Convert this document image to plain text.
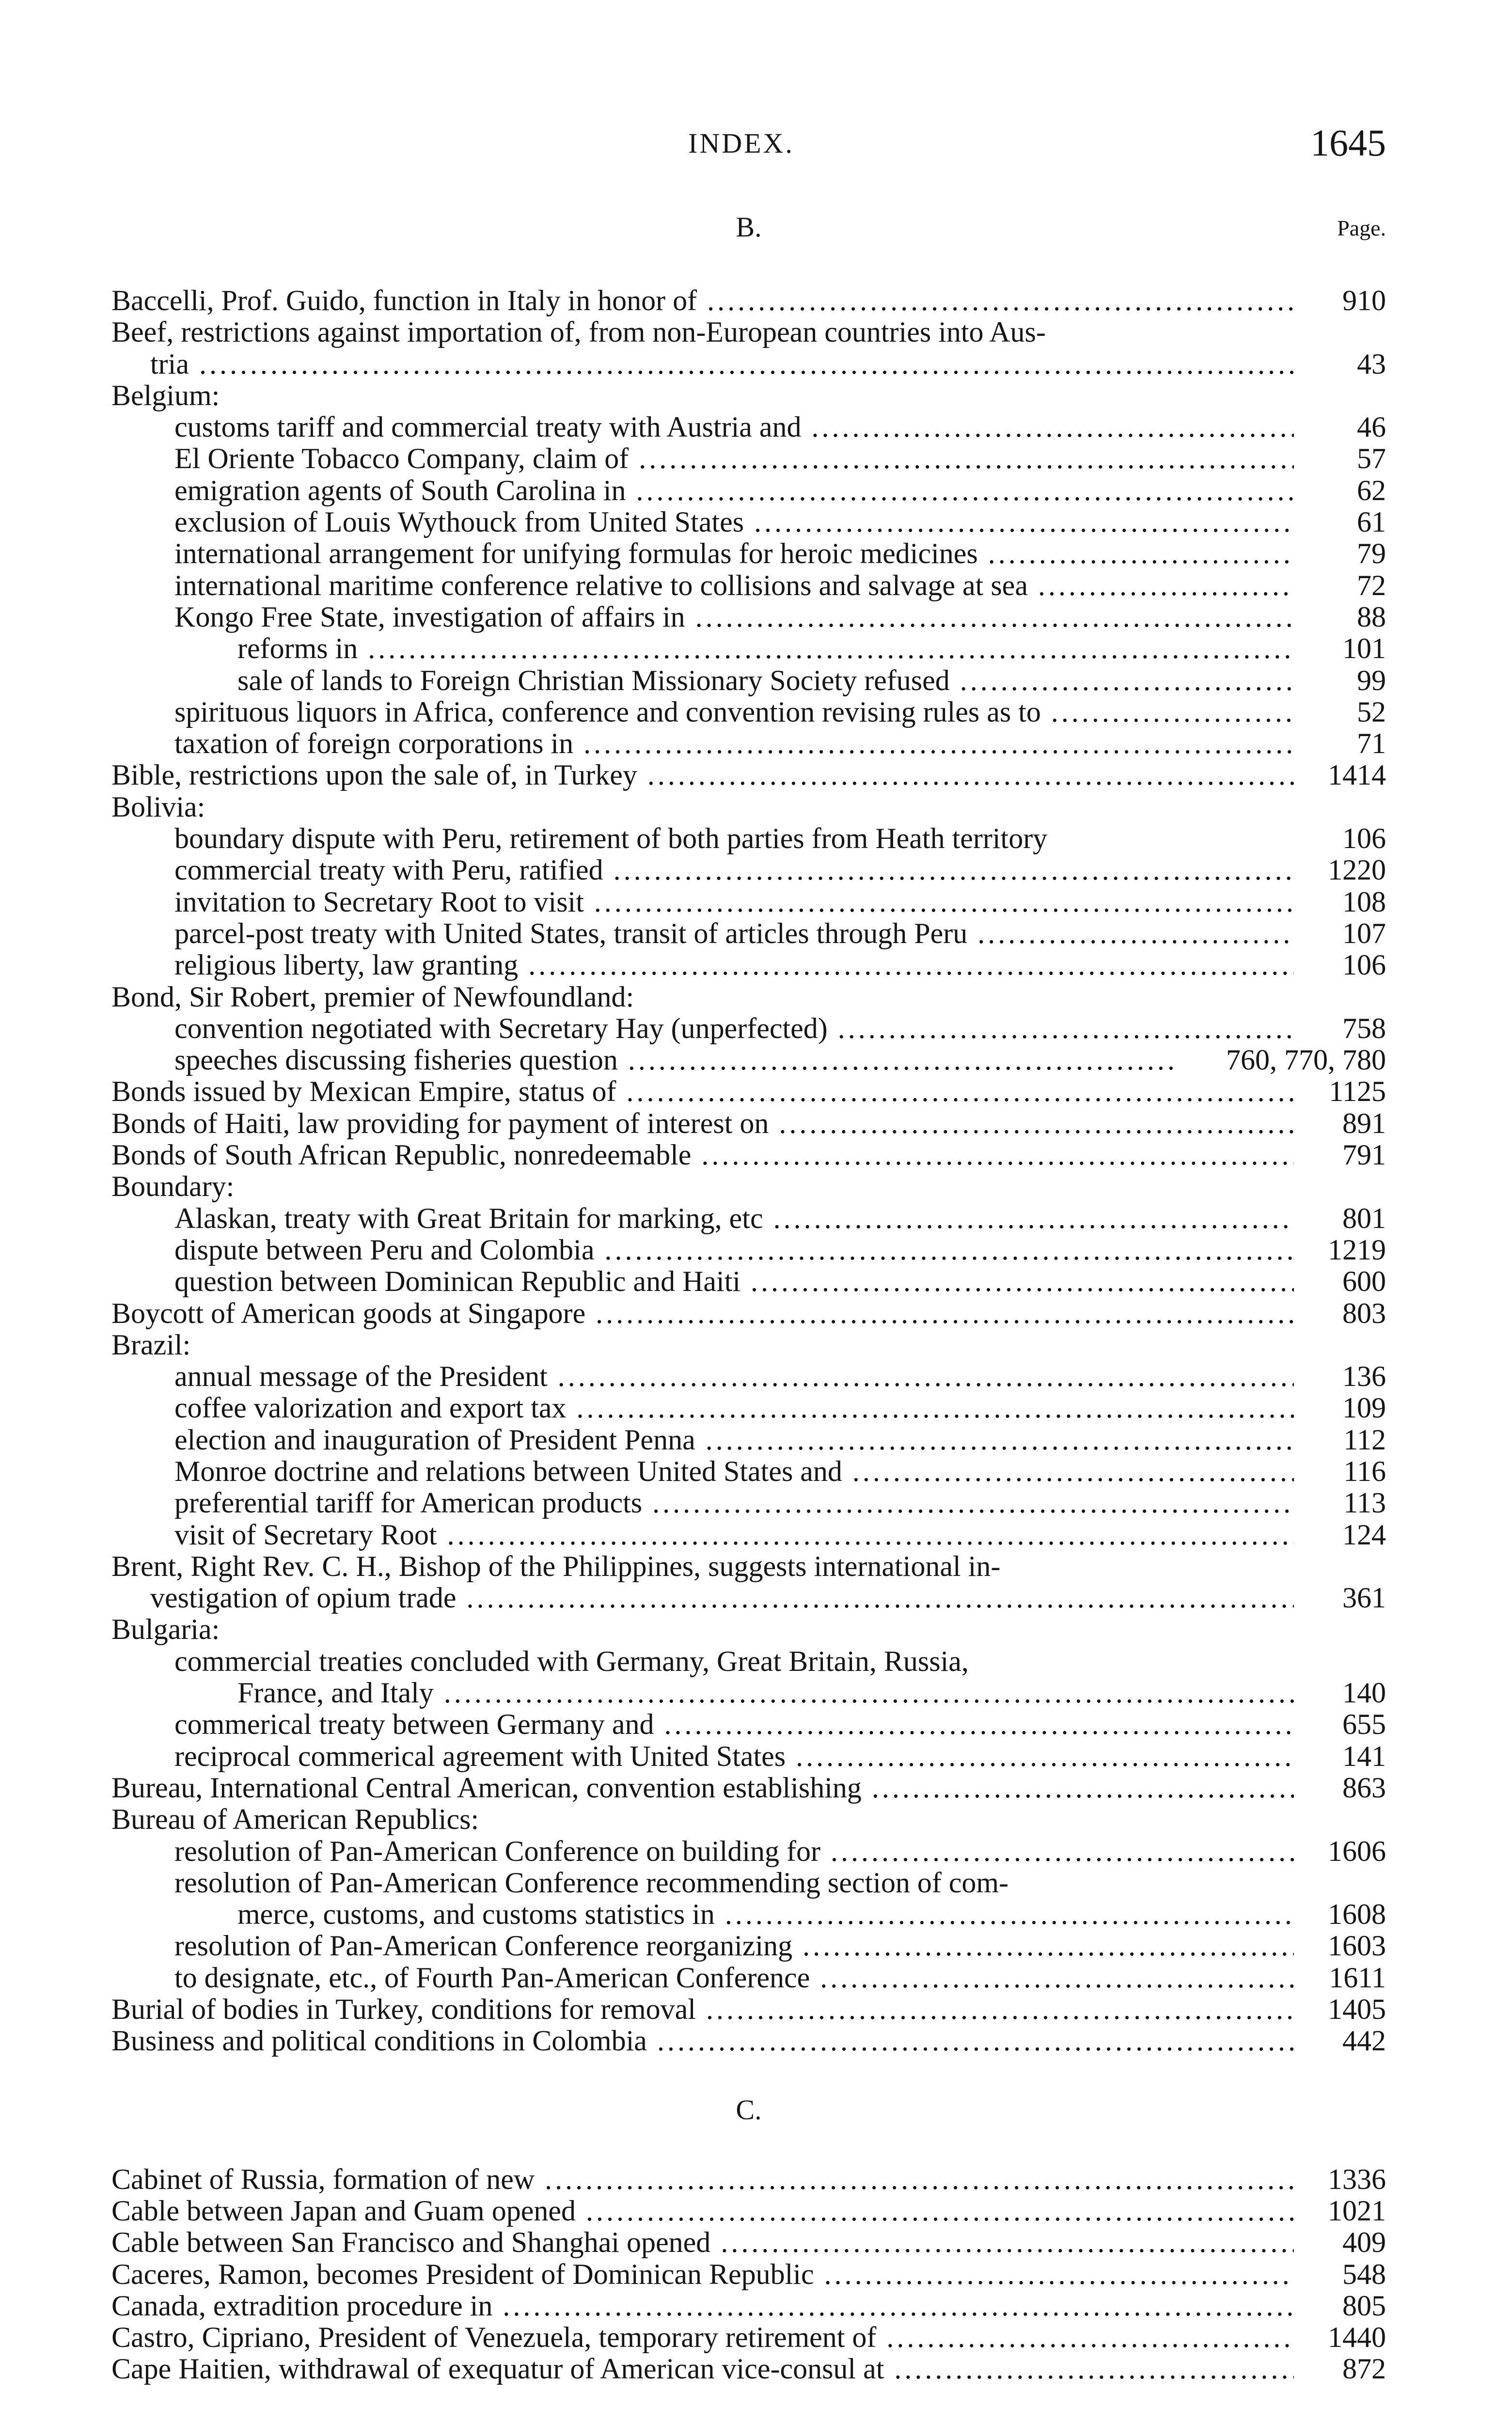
INDEX.	1645
B.	Page.
Baccelli, Prof. Guido, function in Italy in honor of .....	910
Beef, restrictions against importation of, from non-European countries into Aus-
tria .....	43
Belgium:
customs tariff and commercial treaty with Austria and .....	46
El Oriente Tobacco Company, claim of .....	57
emigration agents of South Carolina in .....	62
exclusion of Louis Wythouck from United States .....	61
international arrangement for unifying formulas for heroic medicines .....	79
international maritime conference relative to collisions and salvage at sea .....	72
Kongo Free State, investigation of affairs in .....	88
reforms in .....	101
sale of lands to Foreign Christian Missionary Society refused .....	99
spirituous liquors in Africa, conference and convention revising rules as to .....	52
taxation of foreign corporations in .....	71
Bible, restrictions upon the sale of, in Turkey .....	1414
Bolivia:
boundary dispute with Peru, retirement of both parties from Heath territory	106
commercial treaty with Peru, ratified .....	1220
invitation to Secretary Root to visit .....	108
parcel-post treaty with United States, transit of articles through Peru .....	107
religious liberty, law granting .....	106
Bond, Sir Robert, premier of Newfoundland:
convention negotiated with Secretary Hay (unperfected) .....	758
speeches discussing fisheries question .....	760, 770, 780
Bonds issued by Mexican Empire, status of .....	1125
Bonds of Haiti, law providing for payment of interest on .....	891
Bonds of South African Republic, nonredeemable .....	791
Boundary:
Alaskan, treaty with Great Britain for marking, etc .....	801
dispute between Peru and Colombia .....	1219
question between Dominican Republic and Haiti .....	600
Boycott of American goods at Singapore .....	803
Brazil:
annual message of the President .....	136
coffee valorization and export tax .....	109
election and inauguration of President Penna .....	112
Monroe doctrine and relations between United States and .....	116
preferential tariff for American products .....	113
visit of Secretary Root .....	124
Brent, Right Rev. C. H., Bishop of the Philippines, suggests international in-
vestigation of opium trade .....	361
Bulgaria:
commercial treaties concluded with Germany, Great Britain, Russia,
France, and Italy .....	140
commerical treaty between Germany and .....	655
reciprocal commerical agreement with United States .....	141
Bureau, International Central American, convention establishing .....	863
Bureau of American Republics:
resolution of Pan-American Conference on building for .....	1606
resolution of Pan-American Conference recommending section of com-
merce, customs, and customs statistics in .....	1608
resolution of Pan-American Conference reorganizing .....	1603
to designate, etc., of Fourth Pan-American Conference .....	1611
Burial of bodies in Turkey, conditions for removal .....	1405
Business and political conditions in Colombia .....	442
C.
Cabinet of Russia, formation of new .....	1336
Cable between Japan and Guam opened .....	1021
Cable between San Francisco and Shanghai opened .....	409
Caceres, Ramon, becomes President of Dominican Republic .....	548
Canada, extradition procedure in .....	805
Castro, Cipriano, President of Venezuela, temporary retirement of .....	1440
Cape Haitien, withdrawal of exequatur of American vice-consul at .....	872
